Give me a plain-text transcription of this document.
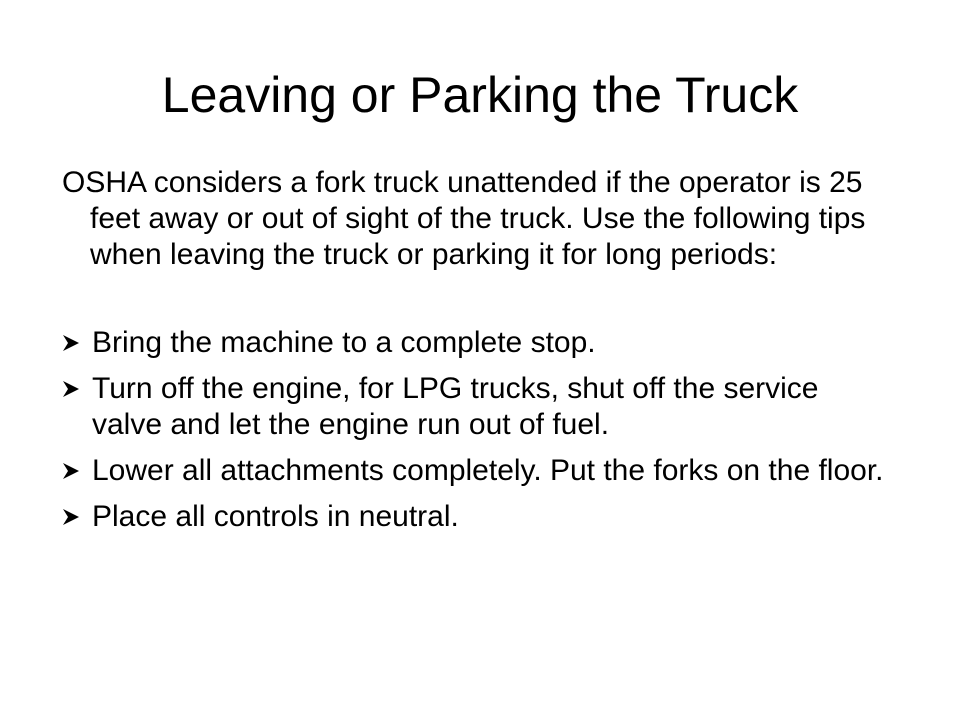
Leaving or Parking the Truck

OSHA considers a fork truck unattended if the operator is 25 feet away or out of sight of the truck. Use the following tips when leaving the truck or parking it for long periods:

Bring the machine to a complete stop.
Turn off the engine, for LPG trucks, shut off the service valve and let the engine run out of fuel.
Lower all attachments completely. Put the forks on the floor.
Place all controls in neutral.
